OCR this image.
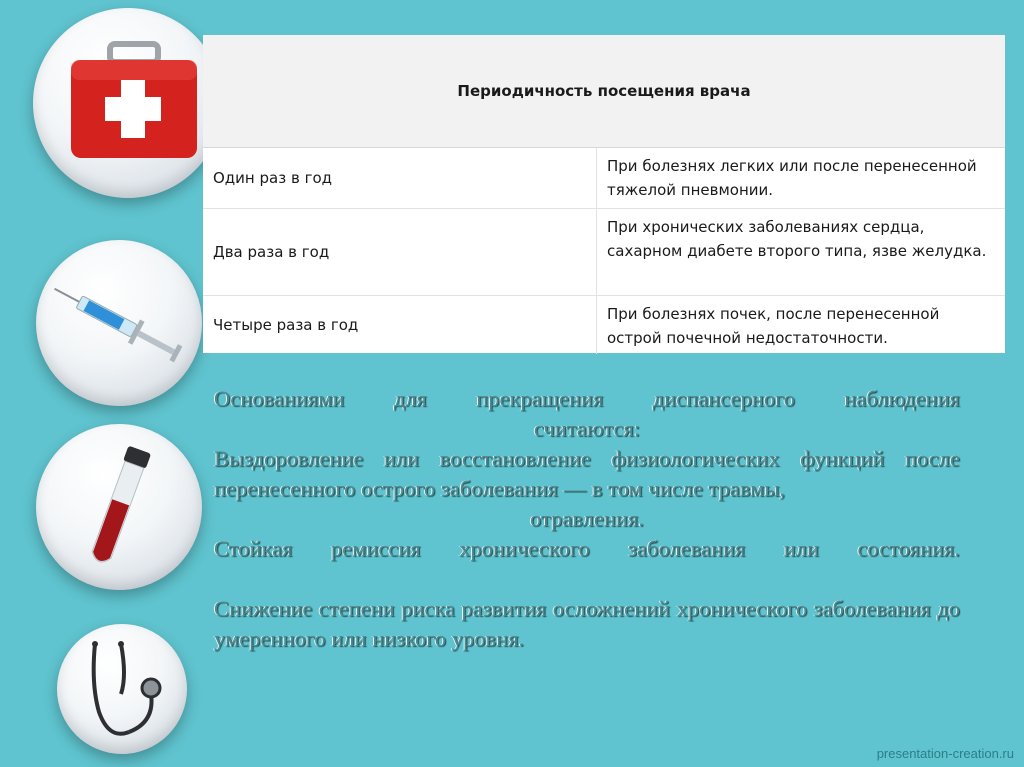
Периодичность посещения врача
Один раз в год
При болезнях легких или после перенесенной тяжелой пневмонии.
Два раза в год
При хронических заболеваниях сердца, сахарном диабете второго типа, язве желудка.
Четыре раза в год
При болезнях почек, после перенесенной острой почечной недостаточности.

Основаниями для прекращения диспансерного наблюдения

считаются:

Выздоровление или восстановление физиологических функций после перенесенного острого заболевания — в том числе травмы,

отравления.

Стойкая ремиссия хронического заболевания или состояния.

Снижение степени риска развития осложнений хронического заболевания до умеренного или низкого уровня.

presentation-creation.ru
